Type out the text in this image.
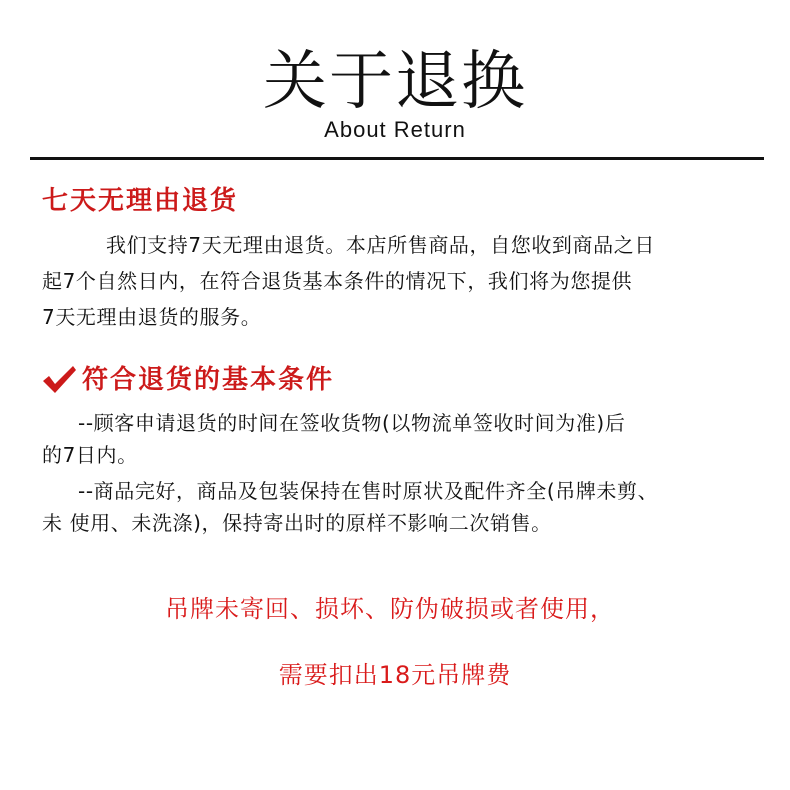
关于退换
About Return
七天无理由退货
我们支持7天无理由退货。本店所售商品，自您收到商品之日
起7个自然日内，在符合退货基本条件的情况下，我们将为您提供
7天无理由退货的服务。
符合退货的基本条件
--顾客申请退货的时间在签收货物(以物流单签收时间为准)后
的7日内。
--商品完好，商品及包装保持在售时原状及配件齐全(吊牌未剪、
未 使用、未洗涤)，保持寄出时的原样不影响二次销售。
吊牌未寄回、损坏、防伪破损或者使用，
需要扣出18元吊牌费
